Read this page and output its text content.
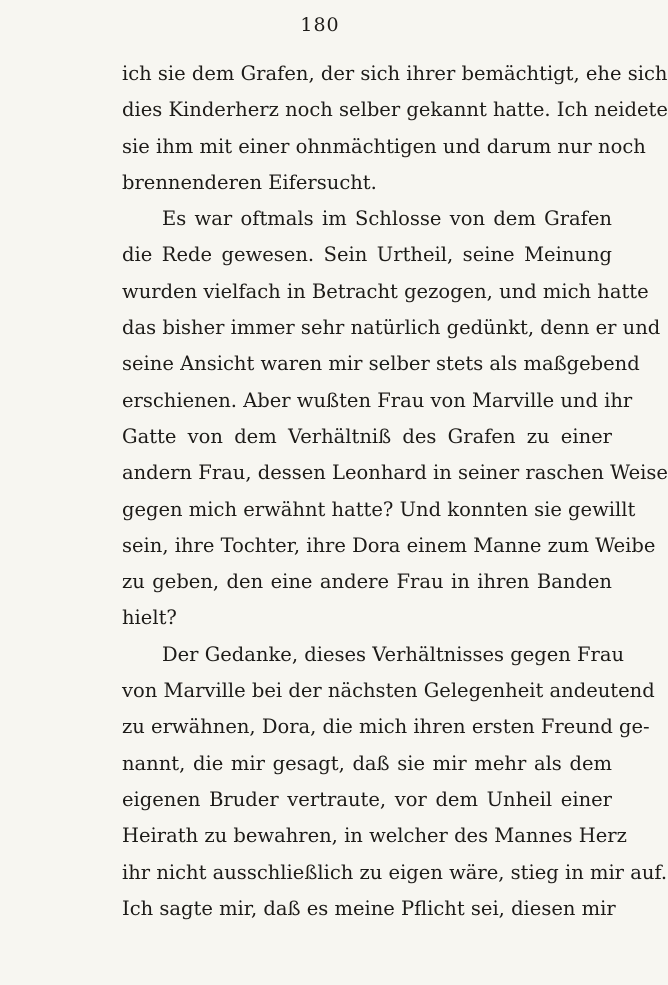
180
ich sie dem Grafen, der sich ihrer bemächtigt, ehe sich
dies Kinderherz noch selber gekannt hatte. Ich neidete
sie ihm mit einer ohnmächtigen und darum nur noch
brennenderen Eifersucht.
Es war oftmals im Schlosse von dem Grafen
die Rede gewesen. Sein Urtheil, seine Meinung
wurden vielfach in Betracht gezogen, und mich hatte
das bisher immer sehr natürlich gedünkt, denn er und
seine Ansicht waren mir selber stets als maßgebend
erschienen. Aber wußten Frau von Marville und ihr
Gatte von dem Verhältniß des Grafen zu einer
andern Frau, dessen Leonhard in seiner raschen Weise
gegen mich erwähnt hatte? Und konnten sie gewillt
sein, ihre Tochter, ihre Dora einem Manne zum Weibe
zu geben, den eine andere Frau in ihren Banden
hielt?
Der Gedanke, dieses Verhältnisses gegen Frau
von Marville bei der nächsten Gelegenheit andeutend
zu erwähnen, Dora, die mich ihren ersten Freund ge-
nannt, die mir gesagt, daß sie mir mehr als dem
eigenen Bruder vertraute, vor dem Unheil einer
Heirath zu bewahren, in welcher des Mannes Herz
ihr nicht ausschließlich zu eigen wäre, stieg in mir auf.
Ich sagte mir, daß es meine Pflicht sei, diesen mir
